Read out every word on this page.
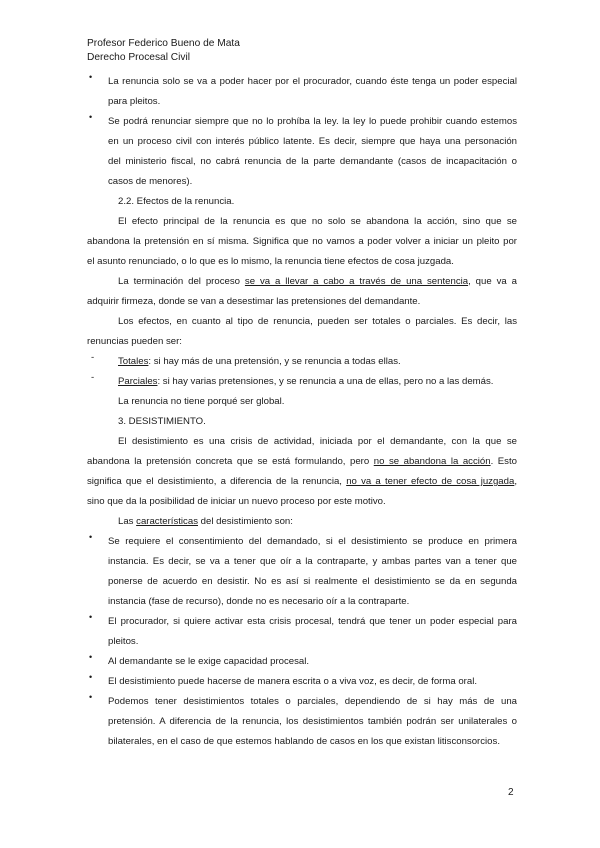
Profesor Federico Bueno de Mata
Derecho Procesal Civil
• La renuncia solo se va a poder hacer por el procurador, cuando éste tenga un poder especial
para pleitos.
• Se podrá renunciar siempre que no lo prohíba la ley. la ley lo puede prohibir cuando estemos
en un proceso civil con interés público latente. Es decir, siempre que haya una personación
del ministerio fiscal, no cabrá renuncia de la parte demandante (casos de incapacitación o
casos de menores).
2.2. Efectos de la renuncia.
El efecto principal de la renuncia es que no solo se abandona la acción, sino que se
abandona la pretensión en sí misma. Significa que no vamos a poder volver a iniciar un pleito por
el asunto renunciado, o lo que es lo mismo, la renuncia tiene efectos de cosa juzgada.
La terminación del proceso se va a llevar a cabo a través de una sentencia, que va a
adquirir firmeza, donde se van a desestimar las pretensiones del demandante.
Los efectos, en cuanto al tipo de renuncia, pueden ser totales o parciales. Es decir, las
renuncias pueden ser:
- Totales: si hay más de una pretensión, y se renuncia a todas ellas.
- Parciales: si hay varias pretensiones, y se renuncia a una de ellas, pero no a las demás.
La renuncia no tiene porqué ser global.
3. DESISTIMIENTO.
El desistimiento es una crisis de actividad, iniciada por el demandante, con la que se
abandona la pretensión concreta que se está formulando, pero no se abandona la acción. Esto
significa que el desistimiento, a diferencia de la renuncia, no va a tener efecto de cosa juzgada,
sino que da la posibilidad de iniciar un nuevo proceso por este motivo.
Las características del desistimiento son:
• Se requiere el consentimiento del demandado, si el desistimiento se produce en primera
instancia. Es decir, se va a tener que oír a la contraparte, y ambas partes van a tener que
ponerse de acuerdo en desistir. No es así si realmente el desistimiento se da en segunda
instancia (fase de recurso), donde no es necesario oír a la contraparte.
• El procurador, si quiere activar esta crisis procesal, tendrá que tener un poder especial para
pleitos.
• Al demandante se le exige capacidad procesal.
• El desistimiento puede hacerse de manera escrita o a viva voz, es decir, de forma oral.
• Podemos tener desistimientos totales o parciales, dependiendo de si hay más de una
pretensión. A diferencia de la renuncia, los desistimientos también podrán ser unilaterales o
bilaterales, en el caso de que estemos hablando de casos en los que existan litisconsorcios.
2
